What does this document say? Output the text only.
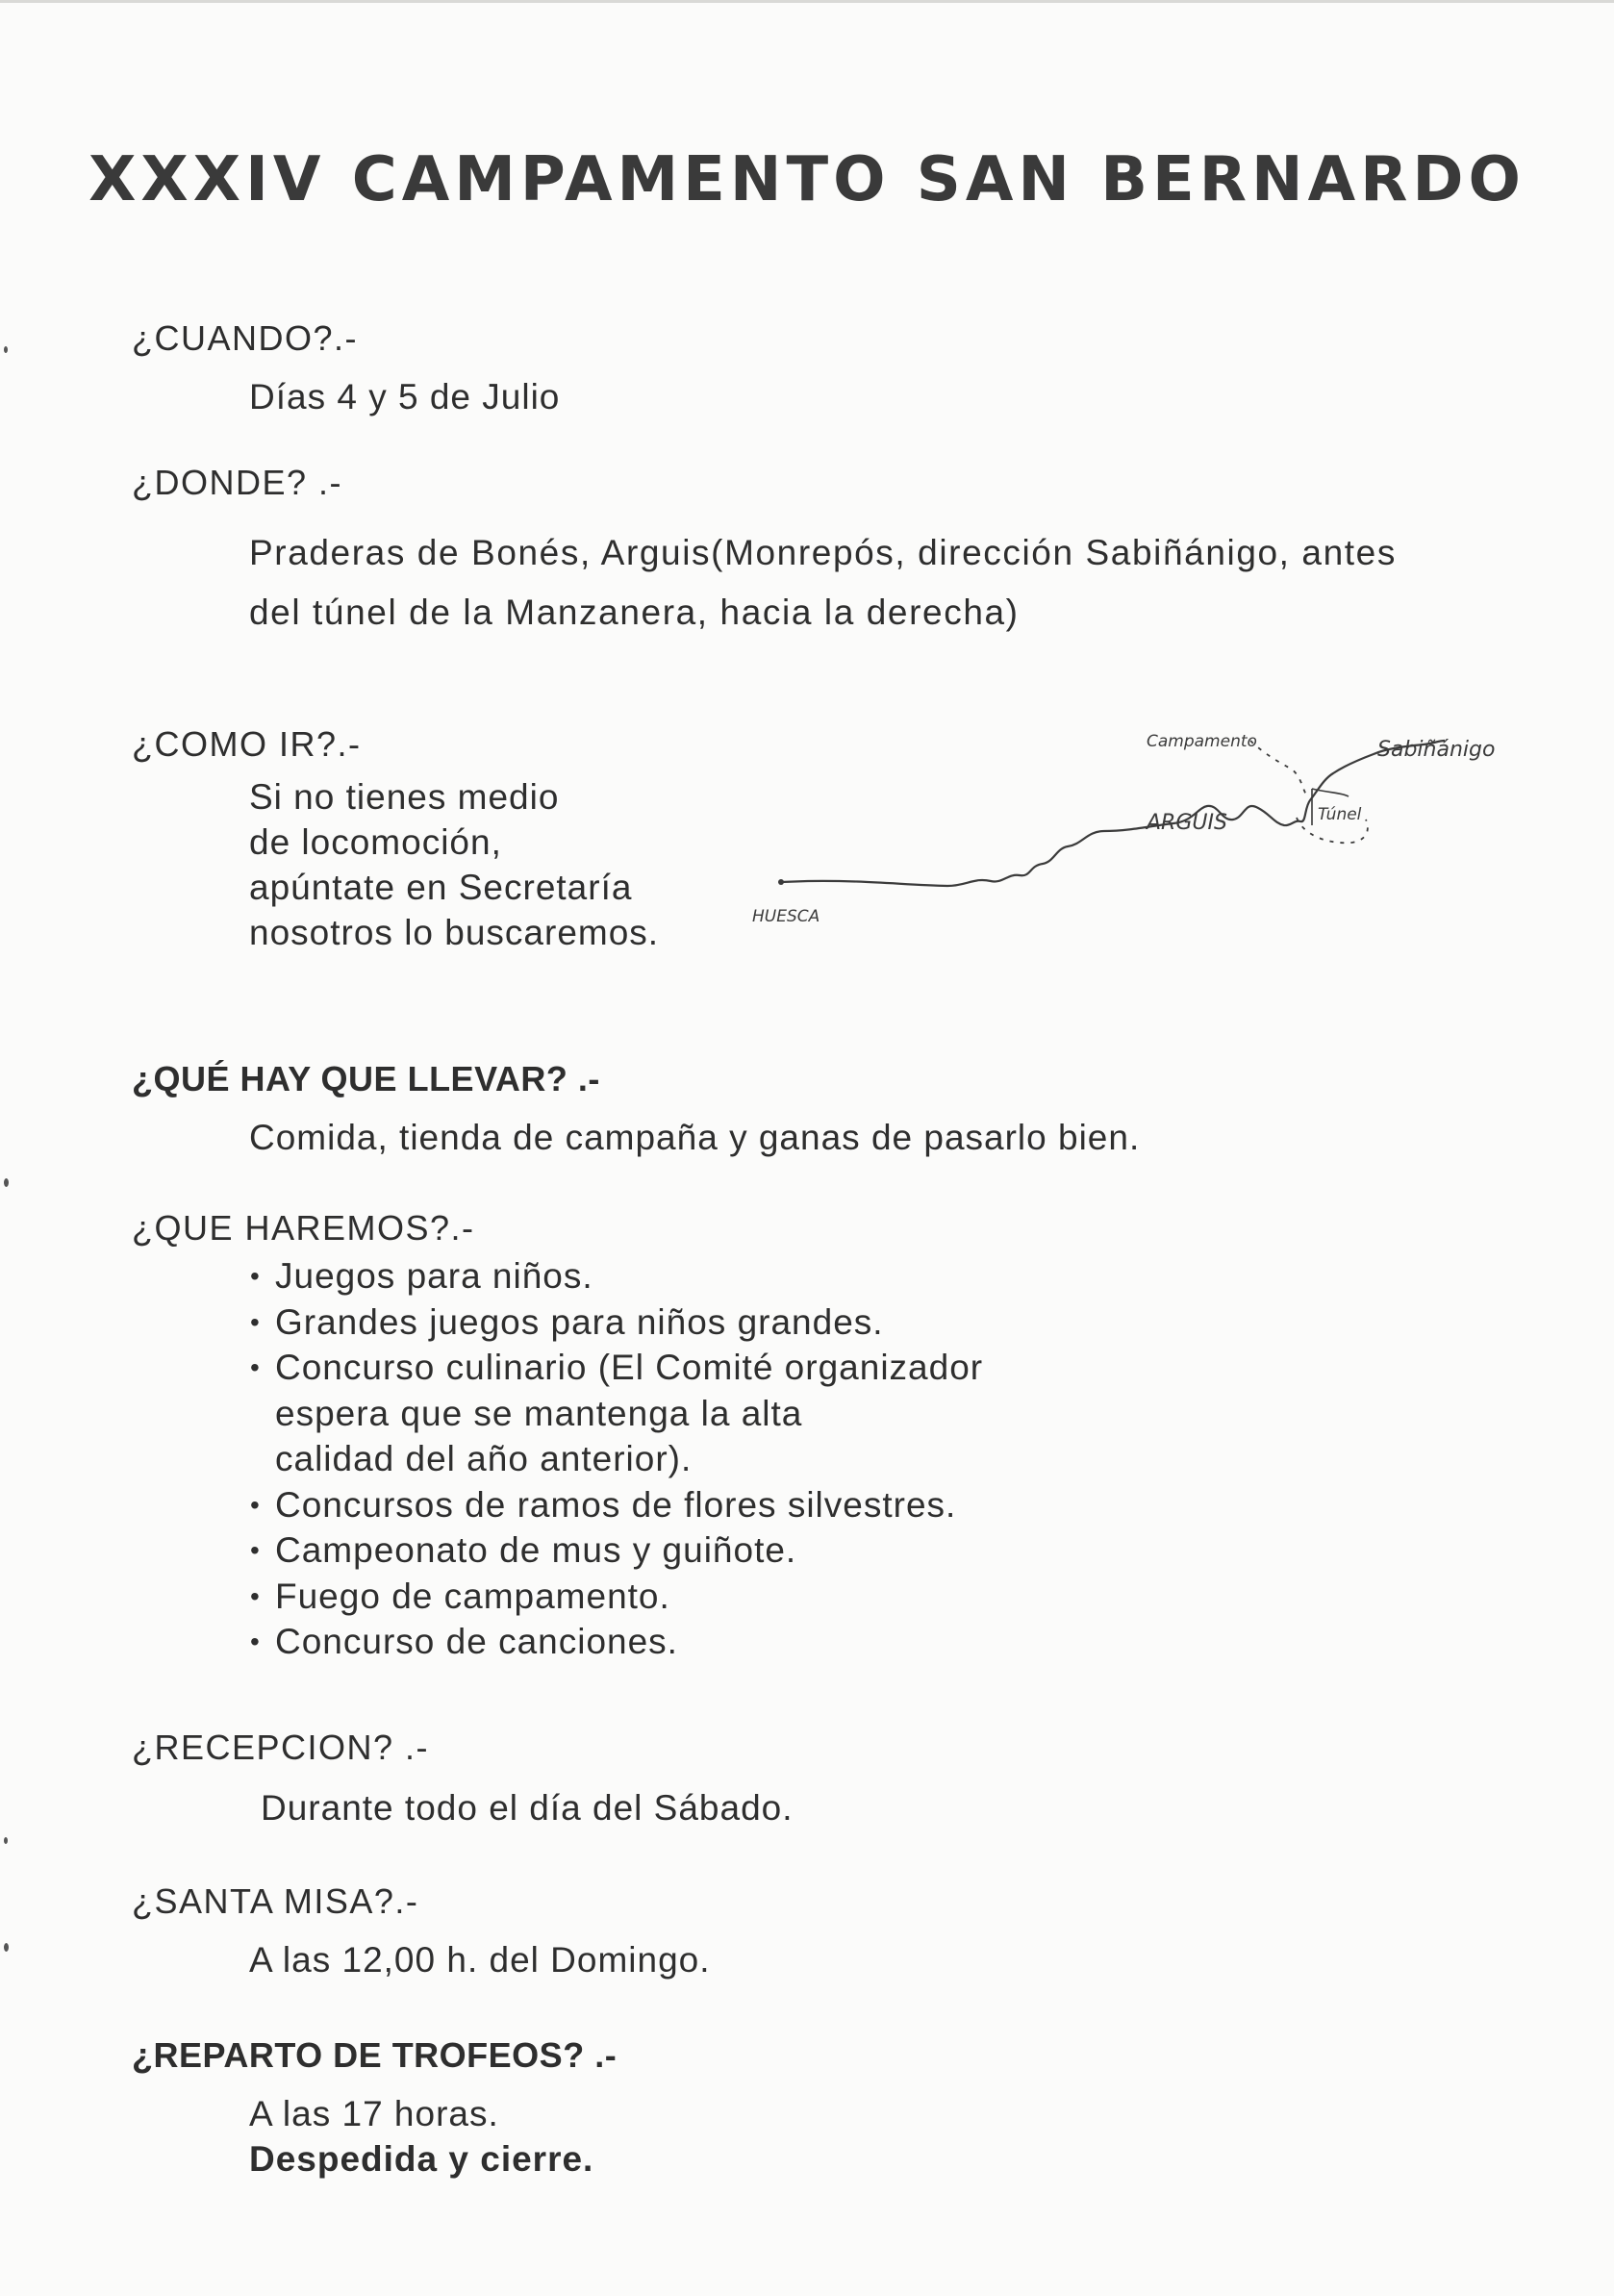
XXXIV CAMPAMENTO SAN BERNARDO
¿CUANDO?.-
Días 4 y 5 de Julio
¿DONDE? .-
Praderas de Bonés, Arguis(Monrepós, dirección Sabiñánigo, antes
del túnel de la Manzanera, hacia la derecha)
¿COMO IR?.-
Si no tienes medio
de locomoción,
apúntate en Secretaría
nosotros lo buscaremos.
ARGUIS	Túnel
Campamento	Sabiñánigo
HUESCA
¿QUÉ HAY QUE LLEVAR? .-
Comida, tienda de campaña y ganas de pasarlo bien.
¿QUE HAREMOS?.-
• Juegos para niños.
• Grandes juegos para niños grandes.
• Concurso culinario (El Comité organizador
espera que se mantenga la alta
calidad del año anterior).
• Concursos de ramos de flores silvestres.
• Campeonato de mus y guiñote.
• Fuego de campamento.
• Concurso de canciones.
¿RECEPCION? .-
Durante todo el día del Sábado.
¿SANTA MISA?.-
A las 12,00 h. del Domingo.
¿REPARTO DE TROFEOS? .-
A las 17 horas.
Despedida y cierre.
